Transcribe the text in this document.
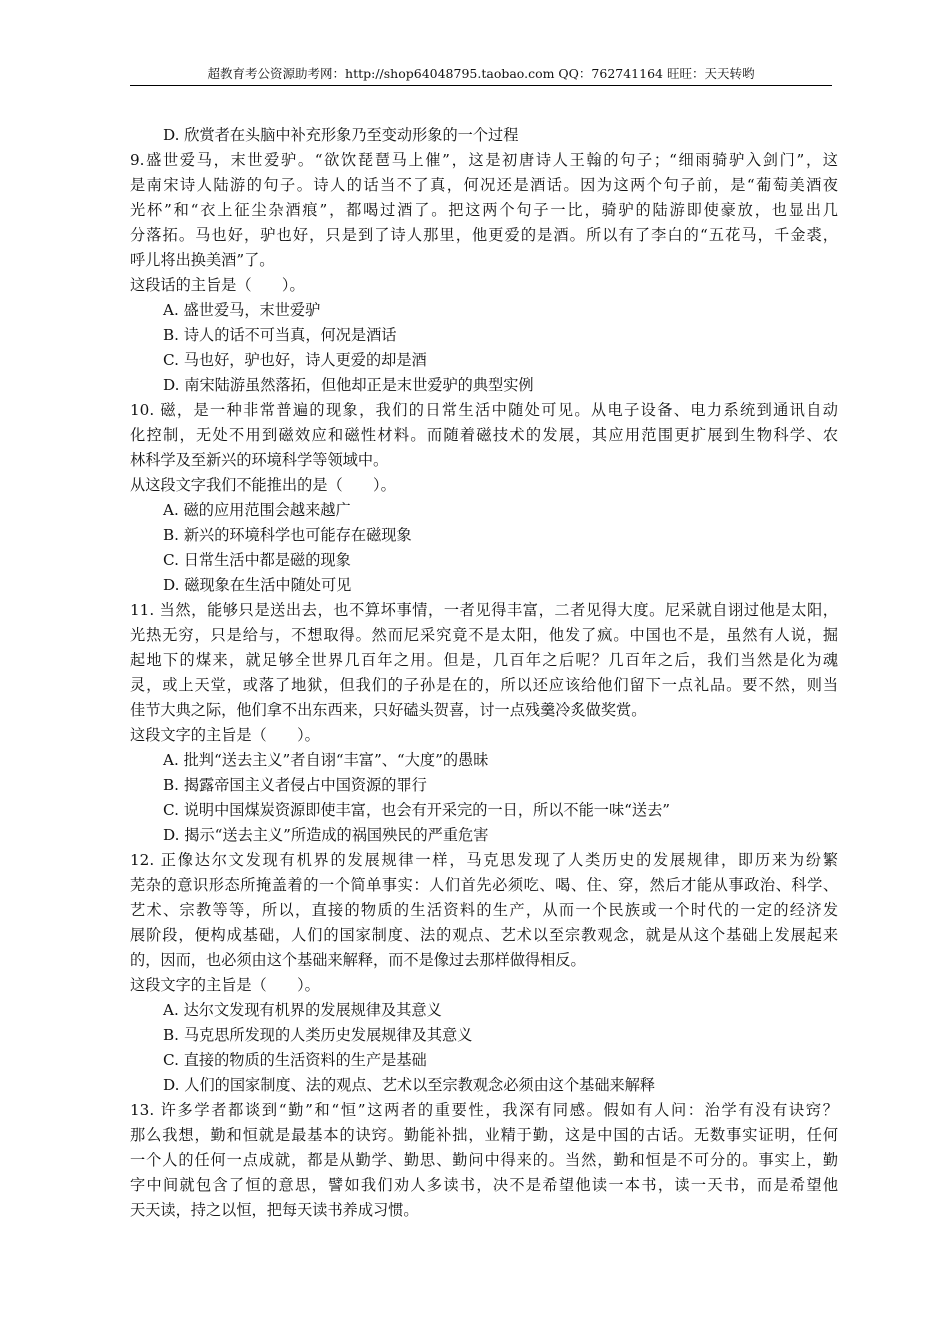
超教育考公资源助考网：http://shop64048795.taobao.com QQ：762741164 旺旺：天天转哟
D. 欣赏者在头脑中补充形象乃至变动形象的一个过程
9.盛世爱马，末世爱驴。“欲饮琵琶马上催”，这是初唐诗人王翰的句子；“细雨骑驴入剑门”，这
是南宋诗人陆游的句子。诗人的话当不了真，何况还是酒话。因为这两个句子前，是“葡萄美酒夜
光杯”和“衣上征尘杂酒痕”，都喝过酒了。把这两个句子一比，骑驴的陆游即使豪放，也显出几
分落拓。马也好，驴也好，只是到了诗人那里，他更爱的是酒。所以有了李白的“五花马，千金裘，
呼儿将出换美酒”了。
这段话的主旨是（　　）。
A. 盛世爱马，末世爱驴
B. 诗人的话不可当真，何况是酒话
C. 马也好，驴也好，诗人更爱的却是酒
D. 南宋陆游虽然落拓，但他却正是末世爱驴的典型实例
10. 磁，是一种非常普遍的现象，我们的日常生活中随处可见。从电子设备、电力系统到通讯自动
化控制，无处不用到磁效应和磁性材料。而随着磁技术的发展，其应用范围更扩展到生物科学、农
林科学及至新兴的环境科学等领域中。
从这段文字我们不能推出的是（　　）。
A. 磁的应用范围会越来越广
B. 新兴的环境科学也可能存在磁现象
C. 日常生活中都是磁的现象
D. 磁现象在生活中随处可见
11. 当然，能够只是送出去，也不算坏事情，一者见得丰富，二者见得大度。尼采就自诩过他是太阳，
光热无穷，只是给与，不想取得。然而尼采究竟不是太阳，他发了疯。中国也不是，虽然有人说，掘
起地下的煤来，就足够全世界几百年之用。但是，几百年之后呢？几百年之后，我们当然是化为魂
灵，或上天堂，或落了地狱，但我们的子孙是在的，所以还应该给他们留下一点礼品。要不然，则当
佳节大典之际，他们拿不出东西来，只好磕头贺喜，讨一点残羹冷炙做奖赏。
这段文字的主旨是（　　）。
A. 批判“送去主义”者自诩“丰富”、“大度”的愚昧
B. 揭露帝国主义者侵占中国资源的罪行
C. 说明中国煤炭资源即使丰富，也会有开采完的一日，所以不能一味“送去”
D. 揭示“送去主义”所造成的祸国殃民的严重危害
12. 正像达尔文发现有机界的发展规律一样，马克思发现了人类历史的发展规律，即历来为纷繁
芜杂的意识形态所掩盖着的一个简单事实：人们首先必须吃、喝、住、穿，然后才能从事政治、科学、
艺术、宗教等等，所以，直接的物质的生活资料的生产，从而一个民族或一个时代的一定的经济发
展阶段，便构成基础，人们的国家制度、法的观点、艺术以至宗教观念，就是从这个基础上发展起来
的，因而，也必须由这个基础来解释，而不是像过去那样做得相反。
这段文字的主旨是（　　）。
A. 达尔文发现有机界的发展规律及其意义
B. 马克思所发现的人类历史发展规律及其意义
C. 直接的物质的生活资料的生产是基础
D. 人们的国家制度、法的观点、艺术以至宗教观念必须由这个基础来解释
13. 许多学者都谈到“勤”和“恒”这两者的重要性，我深有同感。假如有人问：治学有没有诀窍？
那么我想，勤和恒就是最基本的诀窍。勤能补拙，业精于勤，这是中国的古话。无数事实证明，任何
一个人的任何一点成就，都是从勤学、勤思、勤问中得来的。当然，勤和恒是不可分的。事实上，勤
字中间就包含了恒的意思，譬如我们劝人多读书，决不是希望他读一本书，读一天书，而是希望他
天天读，持之以恒，把每天读书养成习惯。
